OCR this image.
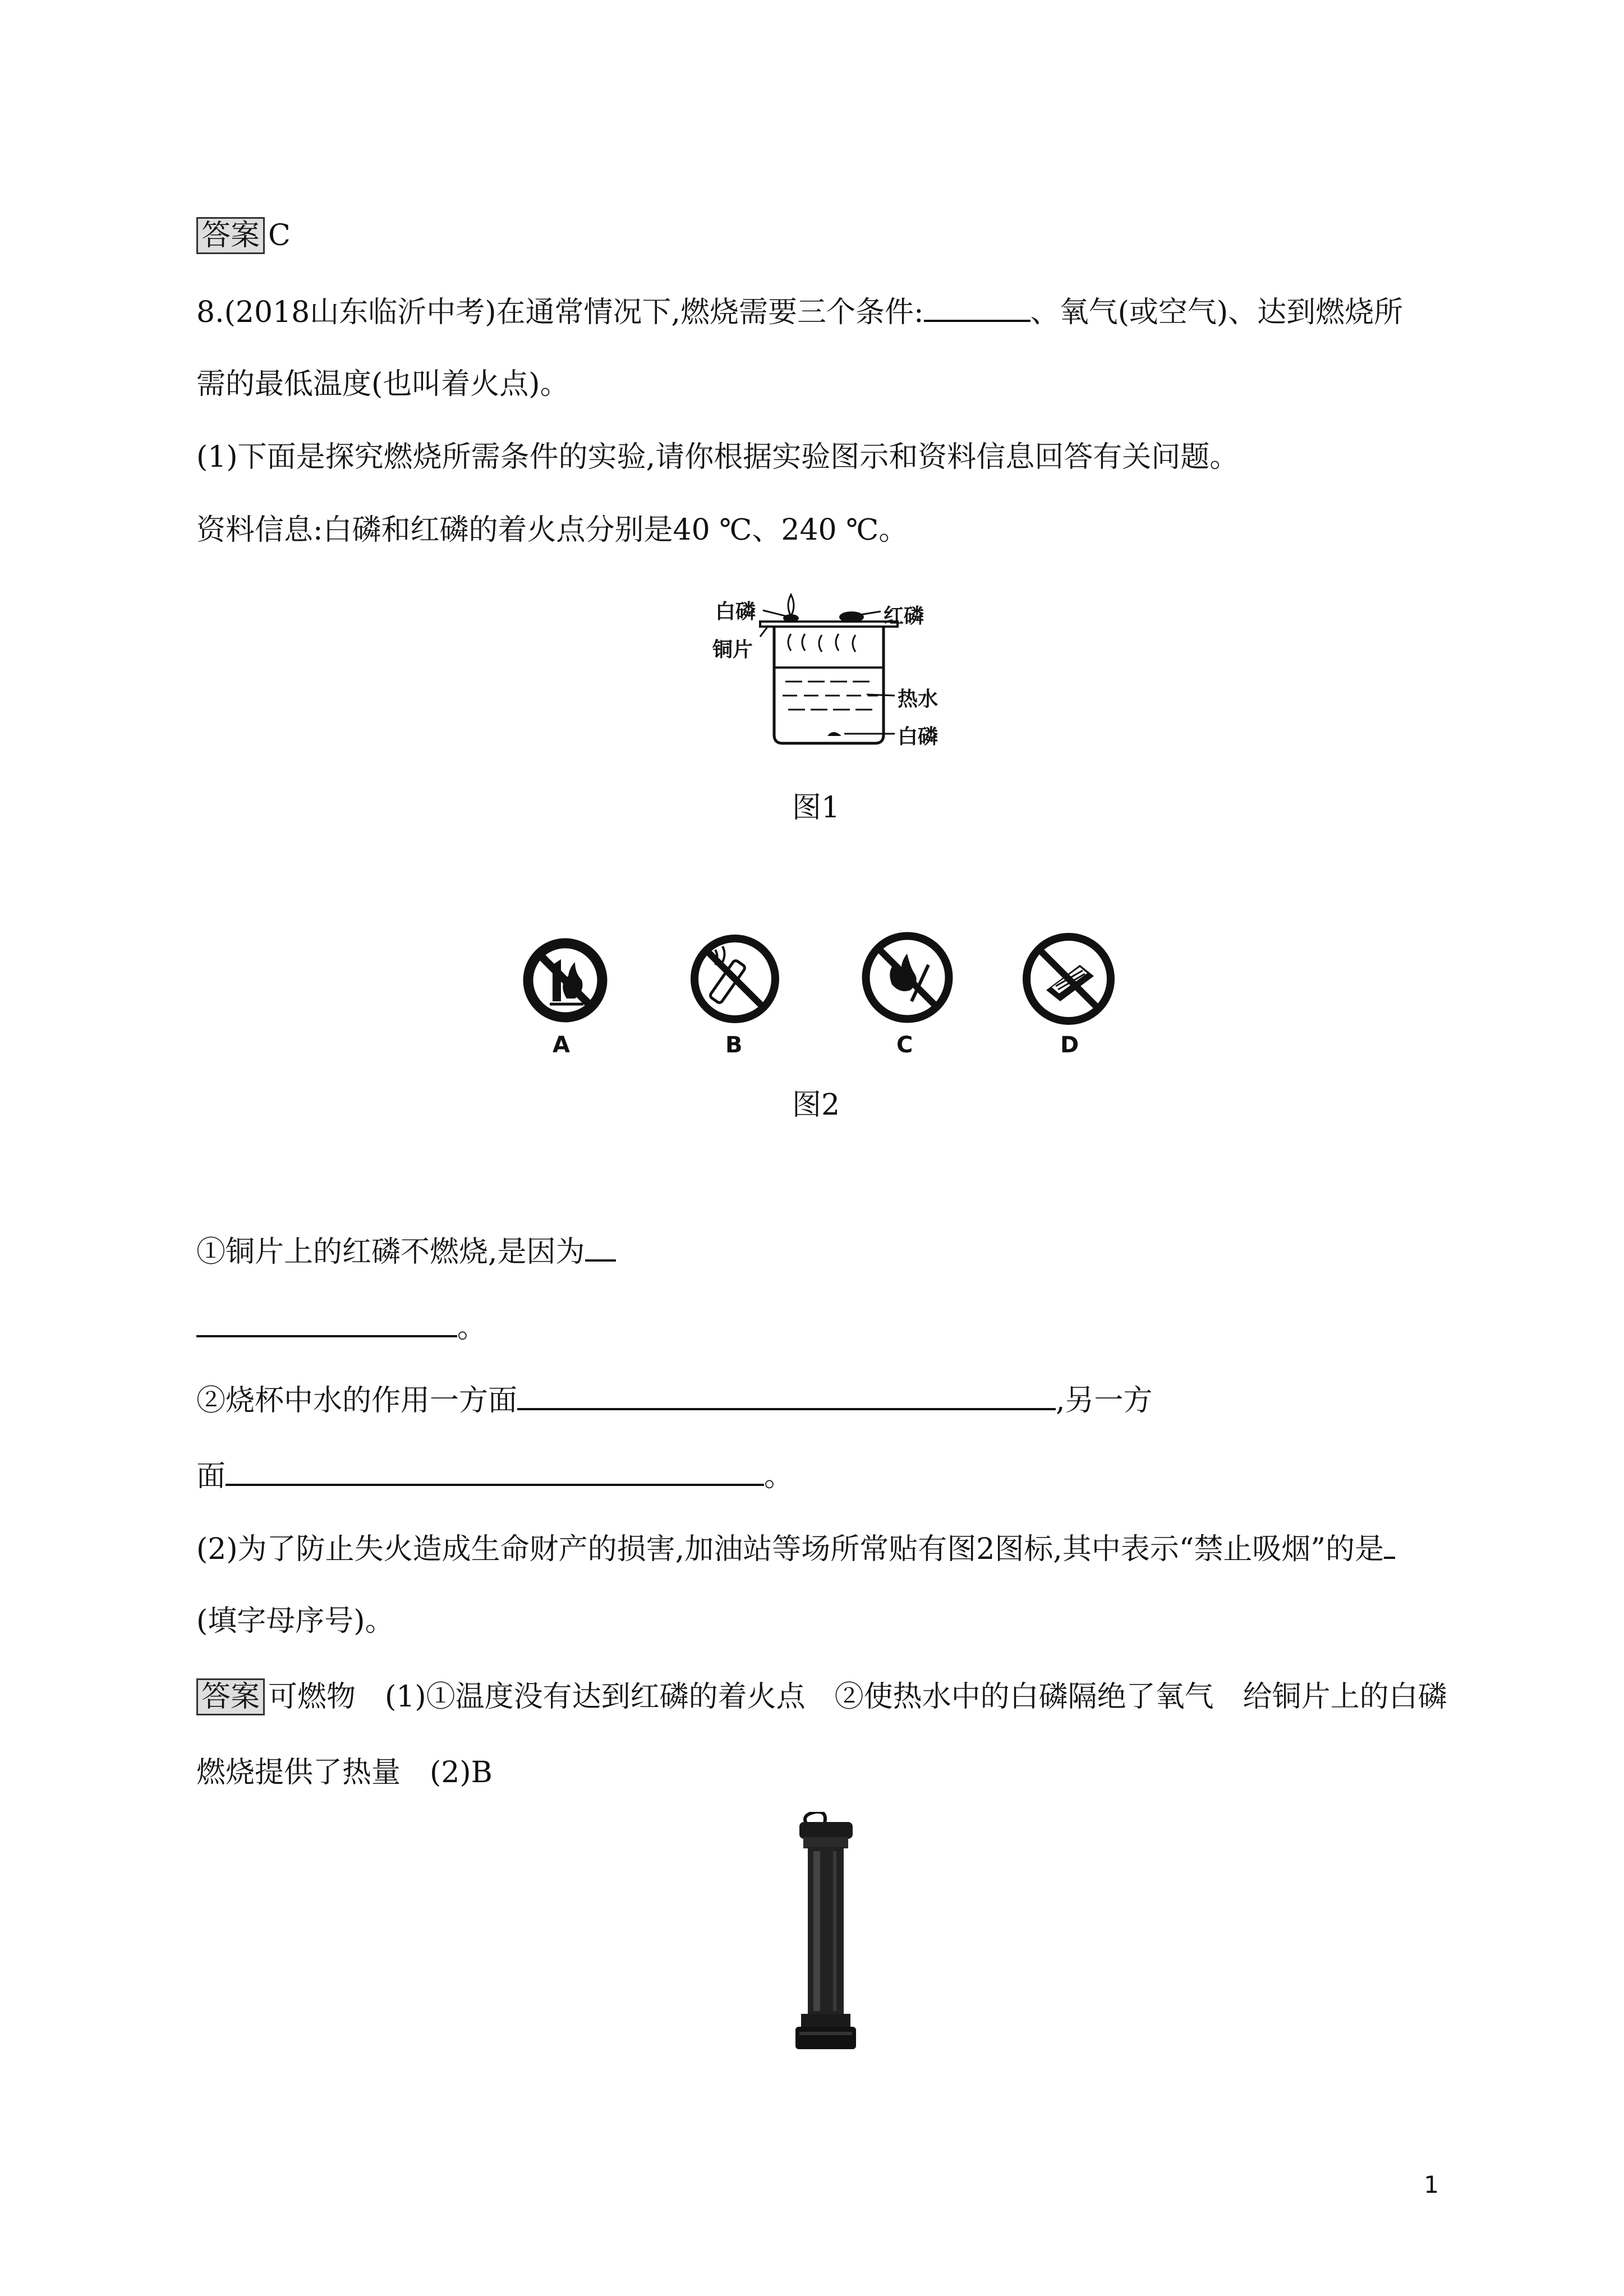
答案 C
8.(2018山东临沂中考)在通常情况下,燃烧需要三个条件:	、氧气(或空气)、达到燃烧所
需的最低温度(也叫着火点)。
(1)下面是探究燃烧所需条件的实验,请你根据实验图示和资料信息回答有关问题。
资料信息:白磷和红磷的着火点分别是40 ℃、240 ℃。
白磷	红磷
铜片
热水
白磷
图1
A	B	C	D
图2
①铜片上的红磷不燃烧,是因为
。
②烧杯中水的作用一方面	,另一方
面	。
(2)为了防止失火造成生命财产的损害,加油站等场所常贴有图2图标,其中表示“禁止吸烟”的是
(填字母序号)。
答案 可燃物　(1)①温度没有达到红磷的着火点　②使热水中的白磷隔绝了氧气　给铜片上的白磷
燃烧提供了热量　(2)B
1
